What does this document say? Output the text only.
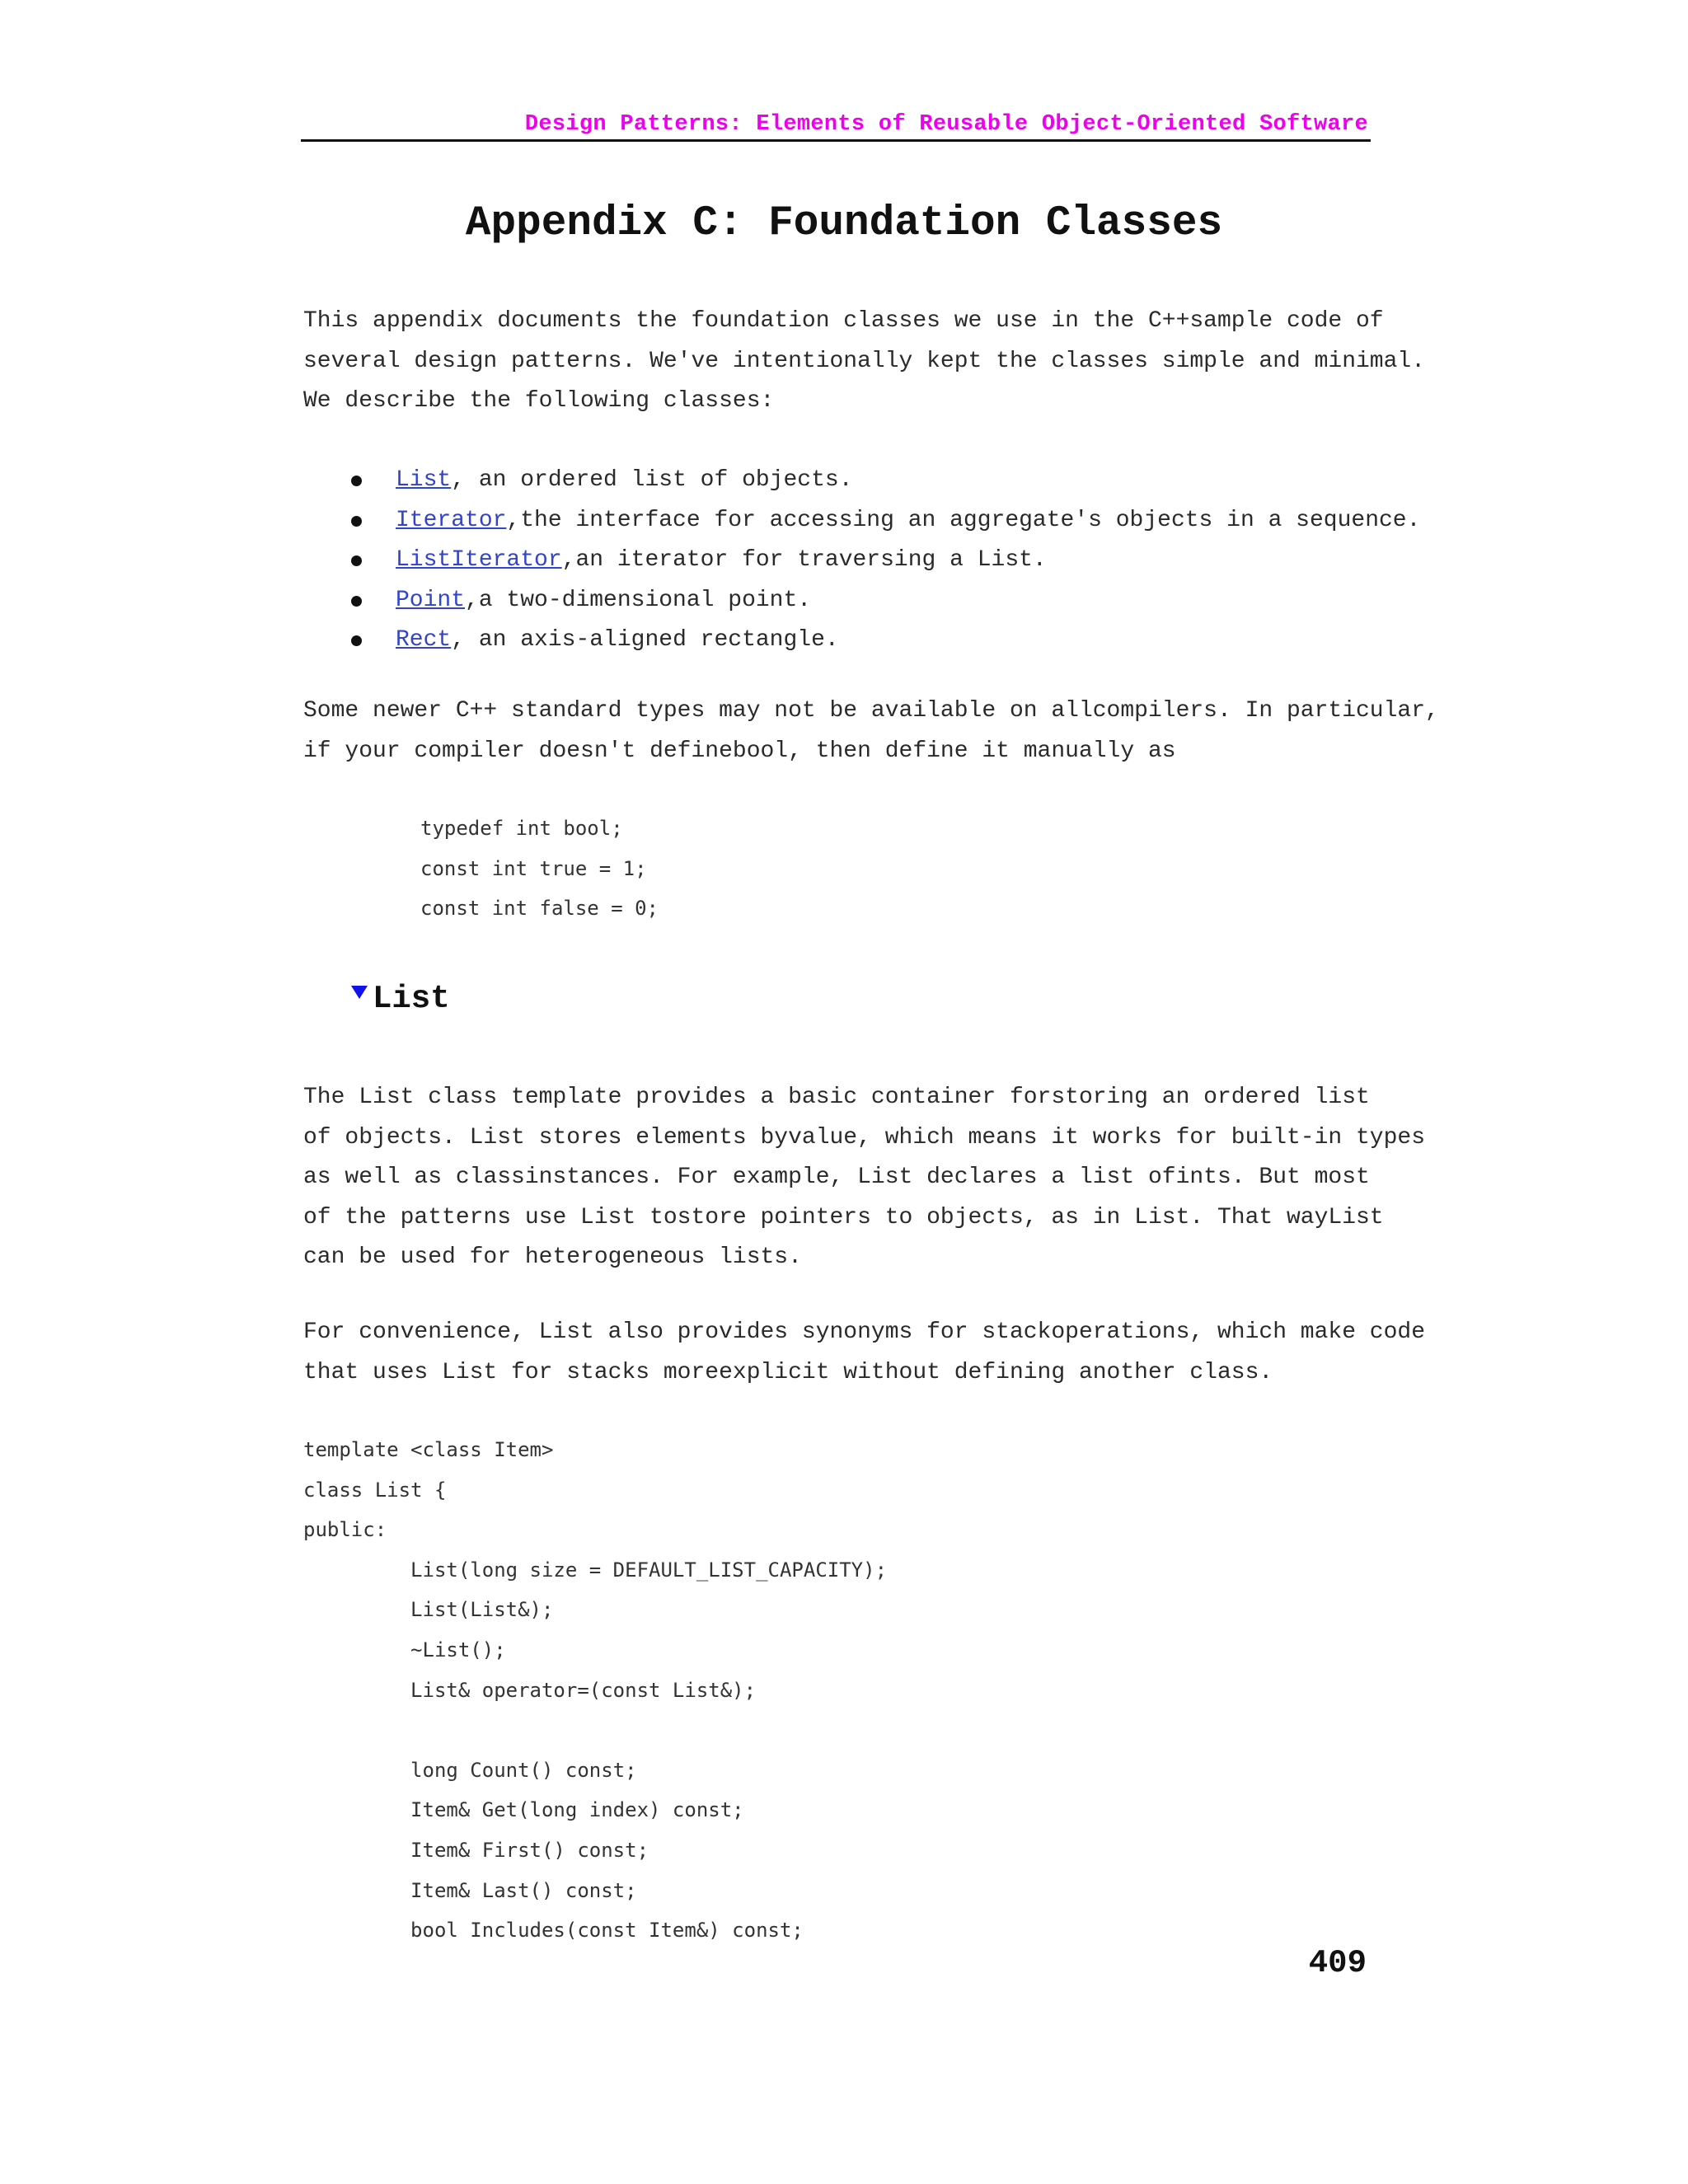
Design Patterns: Elements of Reusable Object-Oriented Software
Appendix C: Foundation Classes

This appendix documents the foundation classes we use in the C++sample code of
several design patterns. We've intentionally kept the classes simple and minimal.
We describe the following classes:

List, an ordered list of objects.
Iterator,the interface for accessing an aggregate's objects in a sequence.
ListIterator,an iterator for traversing a List.
Point,a two-dimensional point.
Rect, an axis-aligned rectangle.

Some newer C++ standard types may not be available on allcompilers. In particular,
if your compiler doesn't definebool, then define it manually as

typedef int bool;
const int true = 1;
const int false = 0;
List

The List class template provides a basic container forstoring an ordered list
of objects. List stores elements byvalue, which means it works for built-in types
as well as classinstances. For example, List declares a list ofints. But most
of the patterns use List tostore pointers to objects, as in List. That wayList
can be used for heterogeneous lists.

For convenience, List also provides synonyms for stackoperations, which make code
that uses List for stacks moreexplicit without defining another class.

template <class Item>
class List {
public:
List(long size = DEFAULT_LIST_CAPACITY);
List(List&);
~List();
List& operator=(const List&);

long Count() const;
Item& Get(long index) const;
Item& First() const;
Item& Last() const;
bool Includes(const Item&) const;
409
